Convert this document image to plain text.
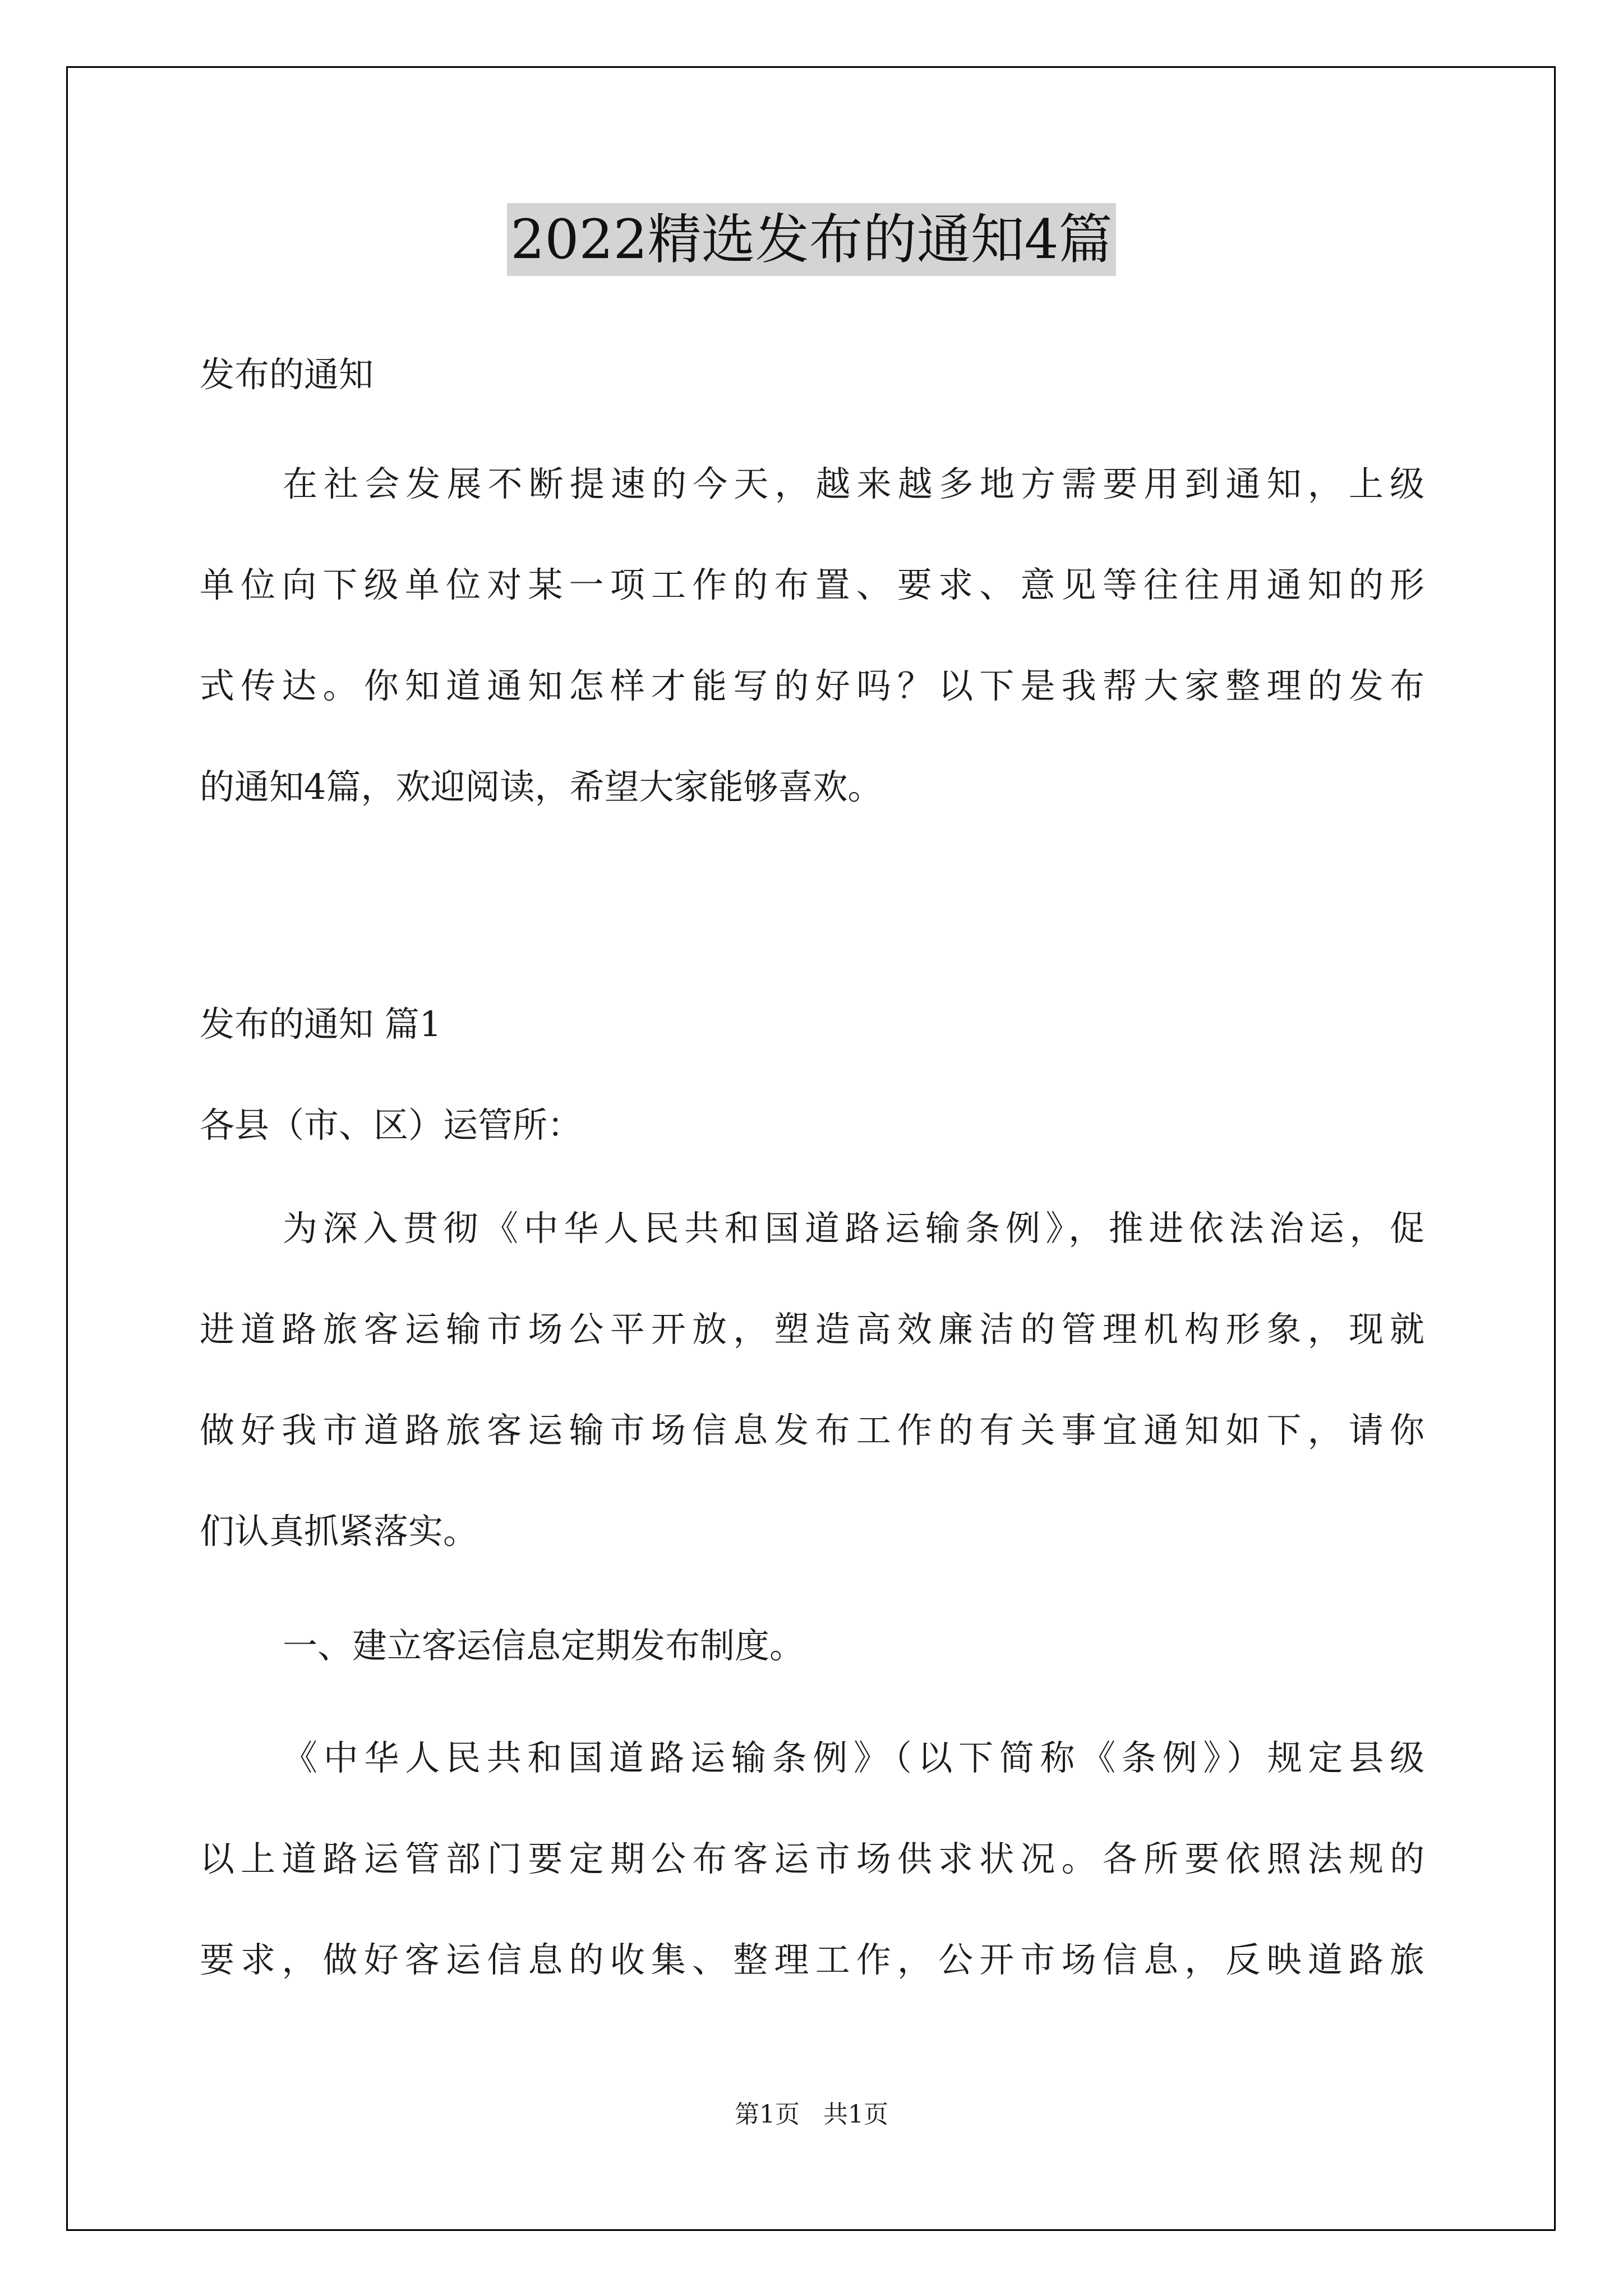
2022精选发布的通知4篇
发布的通知
在社会发展不断提速的今天，越来越多地方需要用到通知，上级
单位向下级单位对某一项工作的布置、要求、意见等往往用通知的形
式传达。你知道通知怎样才能写的好吗？以下是我帮大家整理的发布
的通知4篇，欢迎阅读，希望大家能够喜欢。
发布的通知 篇1
各县（市、区）运管所：
为深入贯彻《中华人民共和国道路运输条例》，推进依法治运，促
进道路旅客运输市场公平开放，塑造高效廉洁的管理机构形象，现就
做好我市道路旅客运输市场信息发布工作的有关事宜通知如下，请你
们认真抓紧落实。
一、建立客运信息定期发布制度。
《中华人民共和国道路运输条例》（以下简称《条例》）规定县级
以上道路运管部门要定期公布客运市场供求状况。各所要依照法规的
要求，做好客运信息的收集、整理工作，公开市场信息，反映道路旅
第1页   共1页
